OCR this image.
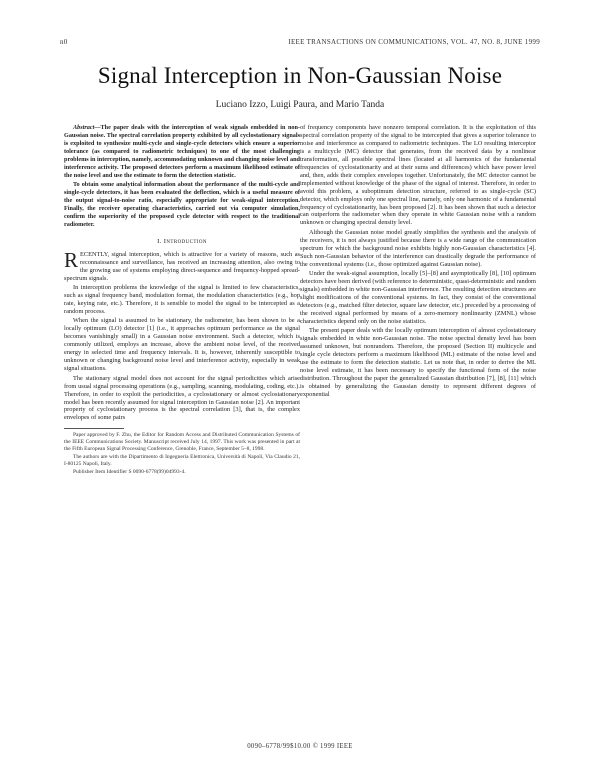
n0	IEEE TRANSACTIONS ON COMMUNICATIONS, VOL. 47, NO. 8, JUNE 1999
Signal Interception in Non-Gaussian Noise
Luciano Izzo, Luigi Paura, and Mario Tanda

Abstract—The paper deals with the interception of weak signals embedded in non-Gaussian noise. The spectral correlation property exhibited by all cyclostationary signals is exploited to synthesize multi-cycle and single-cycle detectors which ensure a superior tolerance (as compared to radiometric techniques) to one of the most challenging problems in interception, namely, accommodating unknown and changing noise level and interference activity. The proposed detectors perform a maximum likelihood estimate of the noise level and use the estimate to form the detection statistic.

To obtain some analytical information about the performance of the multi-cycle and single-cycle detectors, it has been evaluated the deflection, which is a useful measure of the output signal-to-noise ratio, especially appropriate for weak-signal interception. Finally, the receiver operating characteristics, carried out via computer simulation, confirm the superiority of the proposed cycle detector with respect to the traditional radiometer.

I. Introduction

RECENTLY, signal interception, which is attractive for a variety of reasons, such as reconnaissance and surveillance, has received an increasing attention, also owing to the growing use of systems employing direct-sequence and frequency-hopped spread-spectrum signals.

In interception problems the knowledge of the signal is limited to few characteristics, such as signal frequency band, modulation format, the modulation characteristics (e.g., hop rate, keying rate, etc.). Therefore, it is sensible to model the signal to be intercepted as a random process.

When the signal is assumed to be stationary, the radiometer, has been shown to be a locally optimum (LO) detector [1] (i.e., it approaches optimum performance as the signal becomes vanishingly small) in a Gaussian noise environment. Such a detector, which is commonly utilized, employs an increase, above the ambient noise level, of the received energy in selected time and frequency intervals. It is, however, inherently susceptible to unknown or changing background noise level and interference activity, especially in weak signal situations.

The stationary signal model does not account for the signal periodicities which arise from usual signal processing operations (e.g., sampling, scanning, modulating, coding, etc.). Therefore, in order to exploit the periodicities, a cyclostationary or almost cyclostationary model has been recently assumed for signal interception in Gaussian noise [2]. An important property of cyclostationary process is the spectral correlation [3], that is, the complex envelopes of some pairs

Paper approved by F. Zhu, the Editor for Random Access and Distributed Communication Systems of the IEEE Communications Society. Manuscript received July 14, 1997. This work was presented in part at the Fifth European Signal Processing Conference, Grenoble, France, September 5–8, 1998.

The authors are with the Dipartimento di Ingegneria Elettronica, Università di Napoli, Via Claudio 21, I-80125 Napoli, Italy.

Publisher Item Identifier S 0090-6778(99)04993-4.

of frequency components have nonzero temporal correlation. It is the exploitation of this spectral correlation property of the signal to be intercepted that gives a superior tolerance to noise and interference as compared to radiometric techniques. The LO resulting interceptor is a multicycle (MC) detector that generates, from the received data by a nonlinear transformation, all possible spectral lines (located at all harmonics of the fundamental frequencies of cyclostationarity and at their sums and differences) which have power level and, then, adds their complex envelopes together. Unfortunately, the MC detector cannot be implemented without knowledge of the phase of the signal of interest. Therefore, in order to avoid this problem, a suboptimum detection structure, referred to as single-cycle (SC) detector, which employs only one spectral line, namely, only one harmonic of a fundamental frequency of cyclostationarity, has been proposed [2]. It has been shown that such a detector can outperform the radiometer when they operate in white Gaussian noise with a random unknown or changing spectral density level.

Although the Gaussian noise model greatly simplifies the synthesis and the analysis of the receivers, it is not always justified because there is a wide range of the communication spectrum for which the background noise exhibits highly non-Gaussian characteristics [4]. Such non-Gaussian behavior of the interference can drastically degrade the performance of the conventional systems (i.e., those optimized against Gaussian noise).

Under the weak-signal assumption, locally [5]–[8] and asymptotically [8], [10] optimum detectors have been derived (with reference to deterministic, quasi-deterministic and random signals) embedded in white non-Gaussian interference. The resulting detection structures are slight modifications of the conventional systems. In fact, they consist of the conventional detectors (e.g., matched filter detector, square law detector, etc.) preceded by a processing of the received signal performed by means of a zero-memory nonlinearity (ZMNL) whose characteristics depend only on the noise statistics.

The present paper deals with the locally optimum interception of almost cyclostationary signals embedded in white non-Gaussian noise. The noise spectral density level has been assumed unknown, but nonrandom. Therefore, the proposed (Section II) multicycle and single cycle detectors perform a maximum likelihood (ML) estimate of the noise level and use the estimate to form the detection statistic. Let us note that, in order to derive the ML noise level estimate, it has been necessary to specify the functional form of the noise distribution. Throughout the paper the generalized Gaussian distribution [7], [8], [11] which is obtained by generalizing the Gaussian density to represent different degrees of exponential

0090–6778/99$10.00 © 1999 IEEE
